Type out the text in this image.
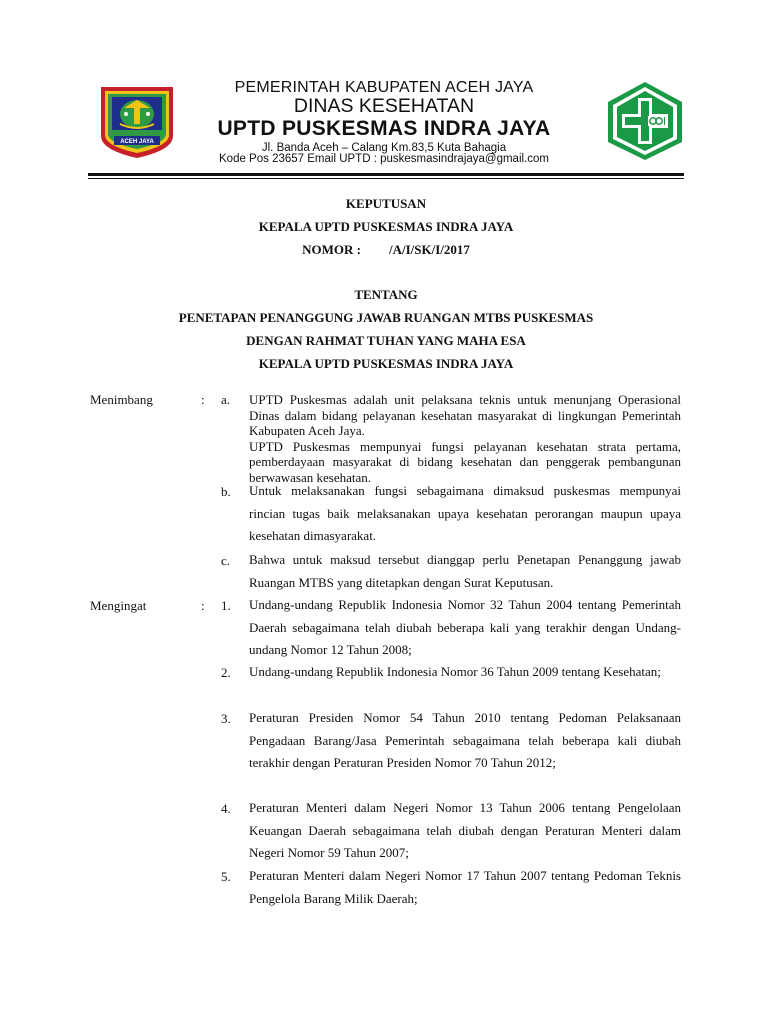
ACEH JAYA
PEMERINTAH KABUPATEN ACEH JAYA
DINAS KESEHATAN
UPTD PUSKESMAS INDRA JAYA
Jl. Banda Aceh – Calang Km.83,5 Kuta Bahagia
Kode Pos 23657 Email UPTD : puskesmasindrajaya@gmail.com
KEPUTUSAN
KEPALA UPTD PUSKESMAS INDRA JAYA
NOMOR : /A/I/SK/I/2017
TENTANG
PENETAPAN PENANGGUNG JAWAB RUANGAN MTBS PUSKESMAS
DENGAN RAHMAT TUHAN YANG MAHA ESA
KEPALA UPTD PUSKESMAS INDRA JAYA
Menimbang	: a. UPTD Puskesmas adalah unit pelaksana teknis untuk menunjang Operasional Dinas dalam bidang pelayanan kesehatan masyarakat di lingkungan Pemerintah Kabupaten Aceh Jaya.

UPTD Puskesmas mempunyai fungsi pelayanan kesehatan strata pertama, pemberdayaan masyarakat di bidang kesehatan dan penggerak pembangunan berwawasan kesehatan.

b. Untuk melaksanakan fungsi sebagaimana dimaksud puskesmas mempunyai rincian tugas baik melaksanakan upaya kesehatan perorangan maupun upaya kesehatan dimasyarakat.
c. Bahwa untuk maksud tersebut dianggap perlu Penetapan Penanggung jawab Ruangan MTBS yang ditetapkan dengan Surat Keputusan.
Mengingat	: 1. Undang-undang Republik Indonesia Nomor 32 Tahun 2004 tentang Pemerintah Daerah sebagaimana telah diubah beberapa kali yang terakhir dengan Undang-undang Nomor 12 Tahun 2008;
2. Undang-undang Republik Indonesia Nomor 36 Tahun 2009 tentang Kesehatan;
3. Peraturan Presiden Nomor 54 Tahun 2010 tentang Pedoman Pelaksanaan Pengadaan Barang/Jasa Pemerintah sebagaimana telah beberapa kali diubah terakhir dengan Peraturan Presiden Nomor 70 Tahun 2012;
4. Peraturan Menteri dalam Negeri Nomor 13 Tahun 2006 tentang Pengelolaan Keuangan Daerah sebagaimana telah diubah dengan Peraturan Menteri dalam Negeri Nomor 59 Tahun 2007;
5. Peraturan Menteri dalam Negeri Nomor 17 Tahun 2007 tentang Pedoman Teknis Pengelola Barang Milik Daerah;
